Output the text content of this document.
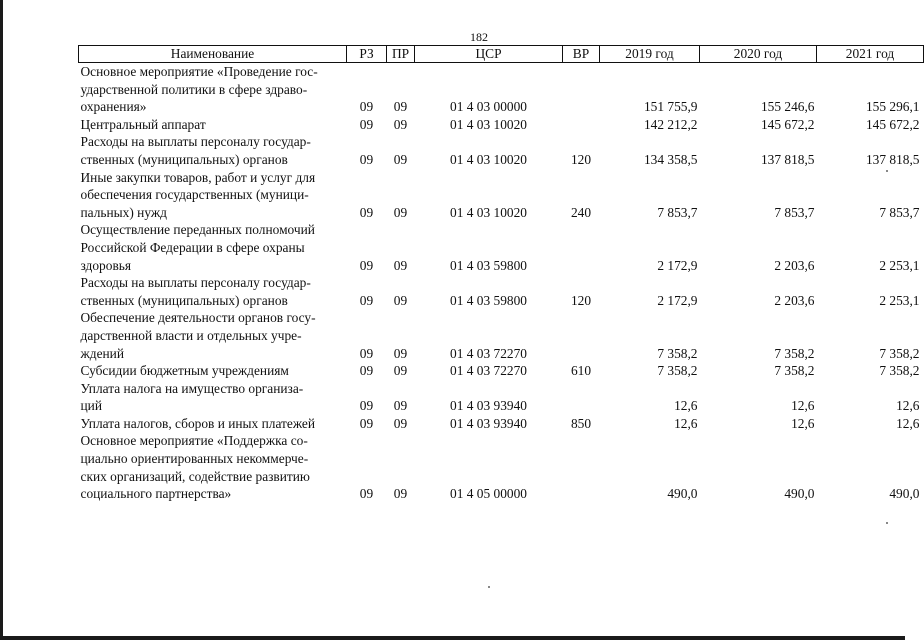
182
Наименование	РЗ	ПР	ЦСР	ВР	2019 год	2020 год	2021 год
Основное мероприятие «Проведение гос-
ударственной политики в сфере здраво-
охранения»	09	09	01 4 03 00000		151 755,9	155 246,6	155 296,1
Центральный аппарат	09	09	01 4 03 10020		142 212,2	145 672,2	145 672,2
Расходы на выплаты персоналу государ-
ственных (муниципальных) органов	09	09	01 4 03 10020	120	134 358,5	137 818,5	137 818,5
Иные закупки товаров, работ и услуг для
обеспечения государственных (муници-
пальных) нужд	09	09	01 4 03 10020	240	7 853,7	7 853,7	7 853,7
Осуществление переданных полномочий
Российской Федерации в сфере охраны
здоровья	09	09	01 4 03 59800		2 172,9	2 203,6	2 253,1
Расходы на выплаты персоналу государ-
ственных (муниципальных) органов	09	09	01 4 03 59800	120	2 172,9	2 203,6	2 253,1
Обеспечение деятельности органов госу-
дарственной власти и отдельных учре-
ждений	09	09	01 4 03 72270		7 358,2	7 358,2	7 358,2
Субсидии бюджетным учреждениям	09	09	01 4 03 72270	610	7 358,2	7 358,2	7 358,2
Уплата налога на имущество организа-
ций	09	09	01 4 03 93940		12,6	12,6	12,6
Уплата налогов, сборов и иных платежей	09	09	01 4 03 93940	850	12,6	12,6	12,6
Основное мероприятие «Поддержка со-
циально ориентированных некоммерче-
ских организаций, содействие развитию
социального партнерства»	09	09	01 4 05 00000		490,0	490,0	490,0
